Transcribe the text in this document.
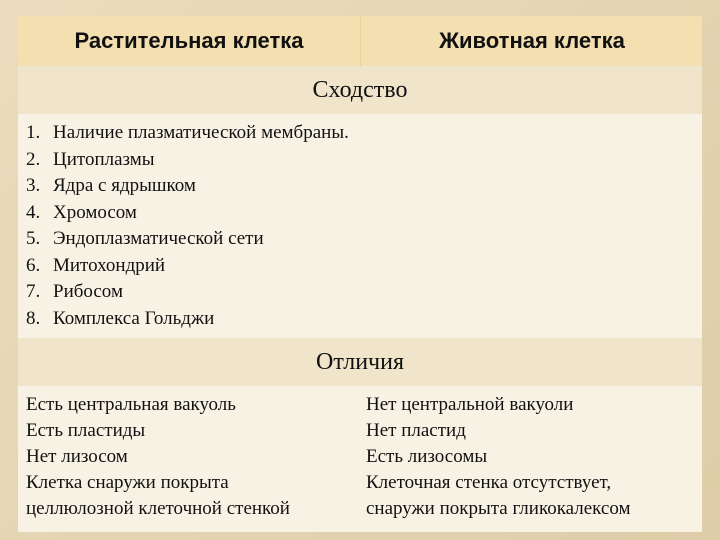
Растительная клетка	Животная клетка
Сходство
1. Наличие плазматической мембраны.
2. Цитоплазмы
3. Ядра с ядрышком
4. Хромосом
5. Эндоплазматической сети
6. Митохондрий
7. Рибосом
8. Комплекса Гольджи
Отличия
Есть центральная вакуоль
Есть пластиды
Нет лизосом
Клетка снаружи покрыта
целлюлозной клеточной стенкой
Нет центральной вакуоли
Нет пластид
Есть лизосомы
Клеточная стенка отсутствует,
снаружи покрыта гликокалексом
